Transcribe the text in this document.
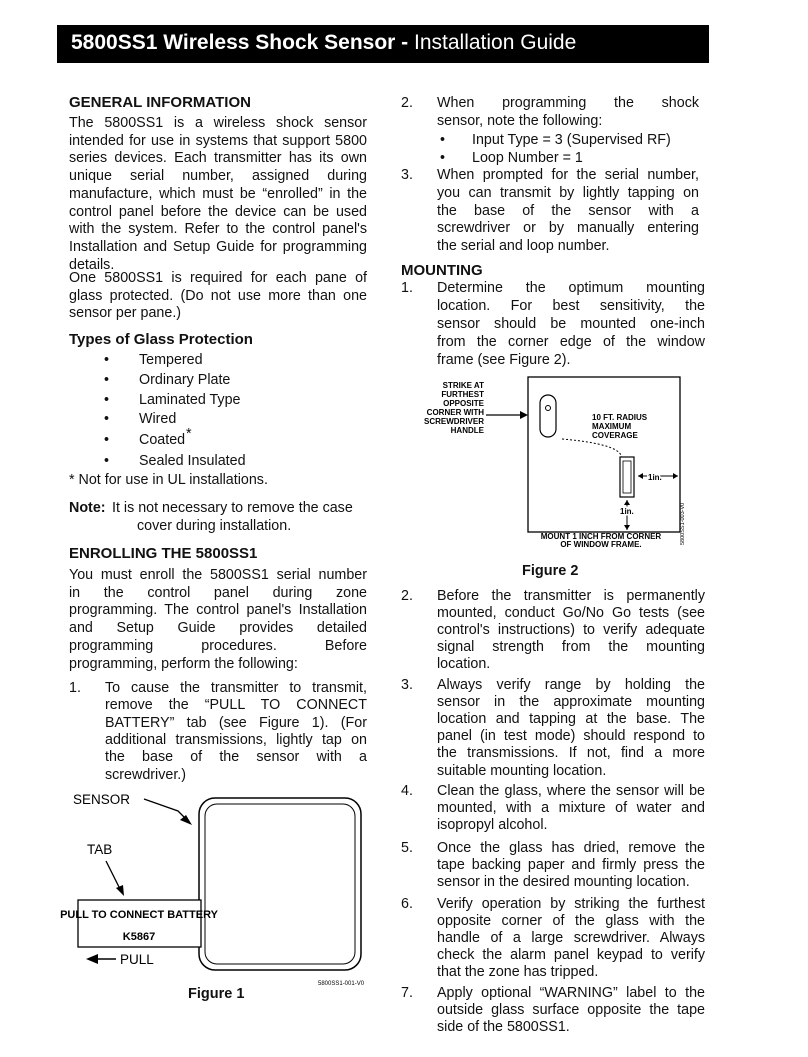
5800SS1 Wireless Shock Sensor - Installation Guide
GENERAL INFORMATION
The 5800SS1 is a wireless shock sensor
intended for use in systems that support 5800
series devices. Each transmitter has its own
unique serial number, assigned during
manufacture, which must be “enrolled” in the
control panel before the device can be used
with the system. Refer to the control panel's
Installation and Setup Guide for programming
details.
One 5800SS1 is required for each pane of
glass protected. (Do not use more than one
sensor per pane.)
Types of Glass Protection
• Tempered
• Ordinary Plate
• Laminated Type
• Wired
• Coated *
• Sealed Insulated
* Not for use in UL installations.
Note: It is not necessary to remove the case
cover during installation.
ENROLLING THE 5800SS1
You must enroll the 5800SS1 serial number
in the control panel during zone
programming. The control panel's Installation
and Setup Guide provides detailed
programming procedures. Before
programming, perform the following:
1. To cause the transmitter to transmit,
remove the “PULL TO CONNECT
BATTERY” tab (see Figure 1). (For
additional transmissions, lightly tap on
the base of the sensor with a
screwdriver.)
SENSOR
TAB
PULL TO CONNECT BATTERY
K5867
PULL
5800SS1-001-V0
Figure 1
2. When programming the shock
sensor, note the following:
• Input Type = 3 (Supervised RF)
• Loop Number = 1
3. When prompted for the serial number,
you can transmit by lightly tapping on
the base of the sensor with a
screwdriver or by manually entering
the serial and loop number.
MOUNTING
1. Determine the optimum mounting
location. For best sensitivity, the
sensor should be mounted one-inch
from the corner edge of the window
frame (see Figure 2).
STRIKE AT
FURTHEST
OPPOSITE
CORNER WITH
SCREWDRIVER
HANDLE
10 FT. RADIUS
MAXIMUM
COVERAGE
1in.
1in.
MOUNT 1 INCH FROM CORNER
OF WINDOW FRAME.	5800SS1-003-V0
Figure 2
2. Before the transmitter is permanently
mounted, conduct Go/No Go tests (see
control's instructions) to verify adequate
signal strength from the mounting
location.
3. Always verify range by holding the
sensor in the approximate mounting
location and tapping at the base. The
panel (in test mode) should respond to
the transmissions. If not, find a more
suitable mounting location.
4. Clean the glass, where the sensor will be
mounted, with a mixture of water and
isopropyl alcohol.
5. Once the glass has dried, remove the
tape backing paper and firmly press the
sensor in the desired mounting location.
6. Verify operation by striking the furthest
opposite corner of the glass with the
handle of a large screwdriver. Always
check the alarm panel keypad to verify
that the zone has tripped.
7. Apply optional “WARNING” label to the
outside glass surface opposite the tape
side of the 5800SS1.
